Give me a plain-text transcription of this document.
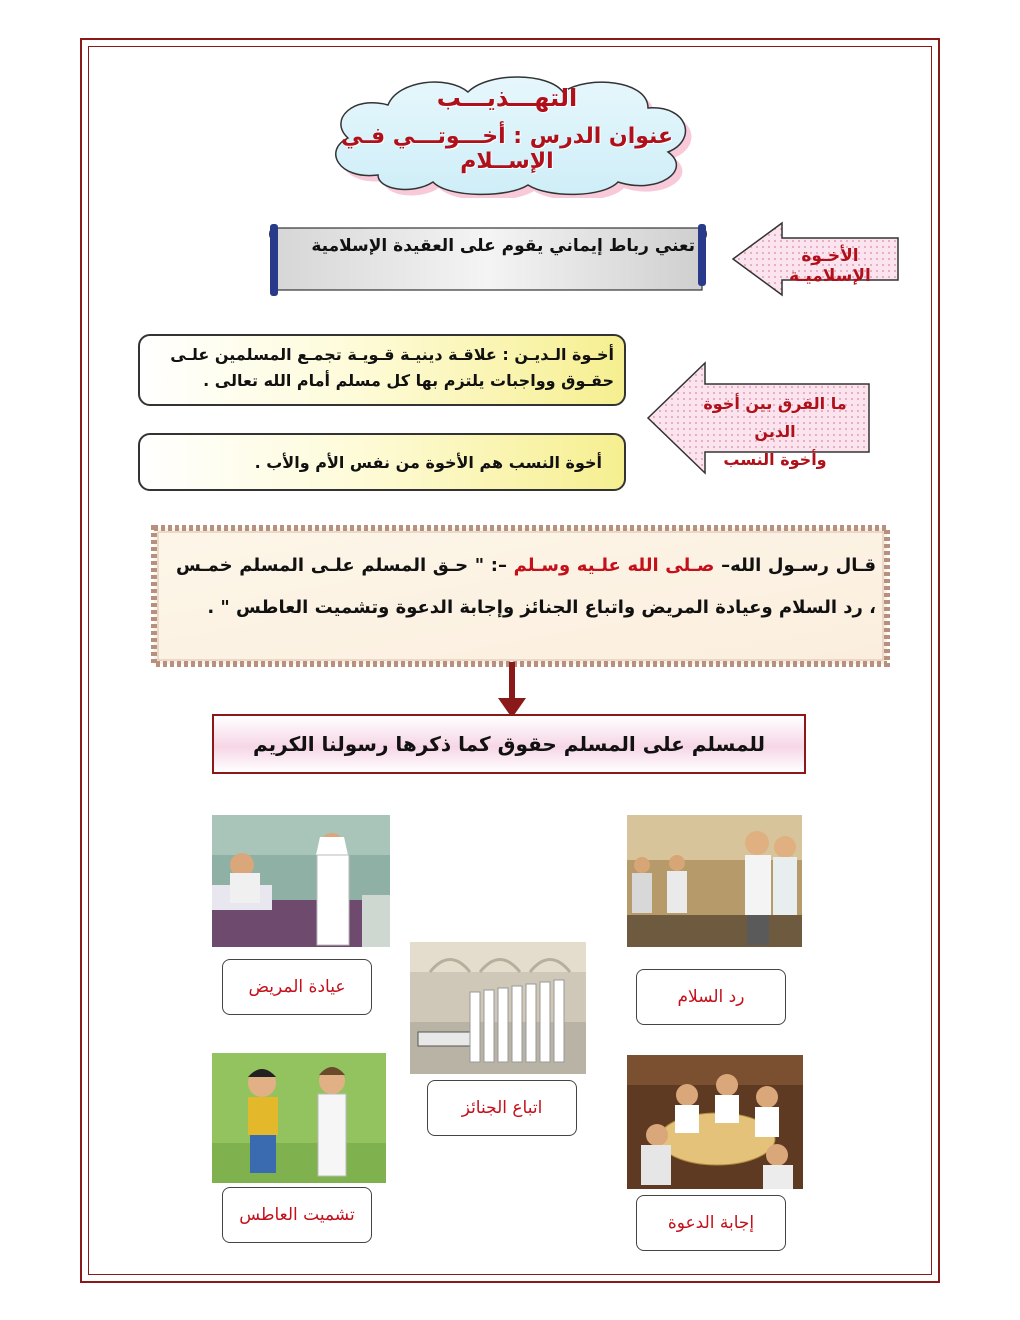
التهـــذيـــب
عنوان الدرس : أخـــوتـــي فـي الإســلام
تعني رباط إيماني يقوم على العقيدة الإسلامية	الأخـوة الإسلاميـة
أخـوة الـديـن : علاقـة دينيـة قـويـة تجمـع المسلمين علـى حقـوق وواجبات يلتزم بها كل مسلم أمام الله تعالى .
أخوة النسب هم الأخوة من نفس الأم والأب .
ما الفرق بين أخوة الدين
وأخوة النسب
قـال رسـول الله– صـلى الله علـيه وسـلم –: " حـق المسلم علـى المسلم خمـس ، رد السلام وعيادة المريض واتباع الجنائز وإجابة الدعوة وتشميت العاطس " .
للمسلم على المسلم حقوق كما ذكرها رسولنا الكريم
عيادة المريض	رد السلام
اتباع الجنائز
تشميت العاطس	إجابة الدعوة
